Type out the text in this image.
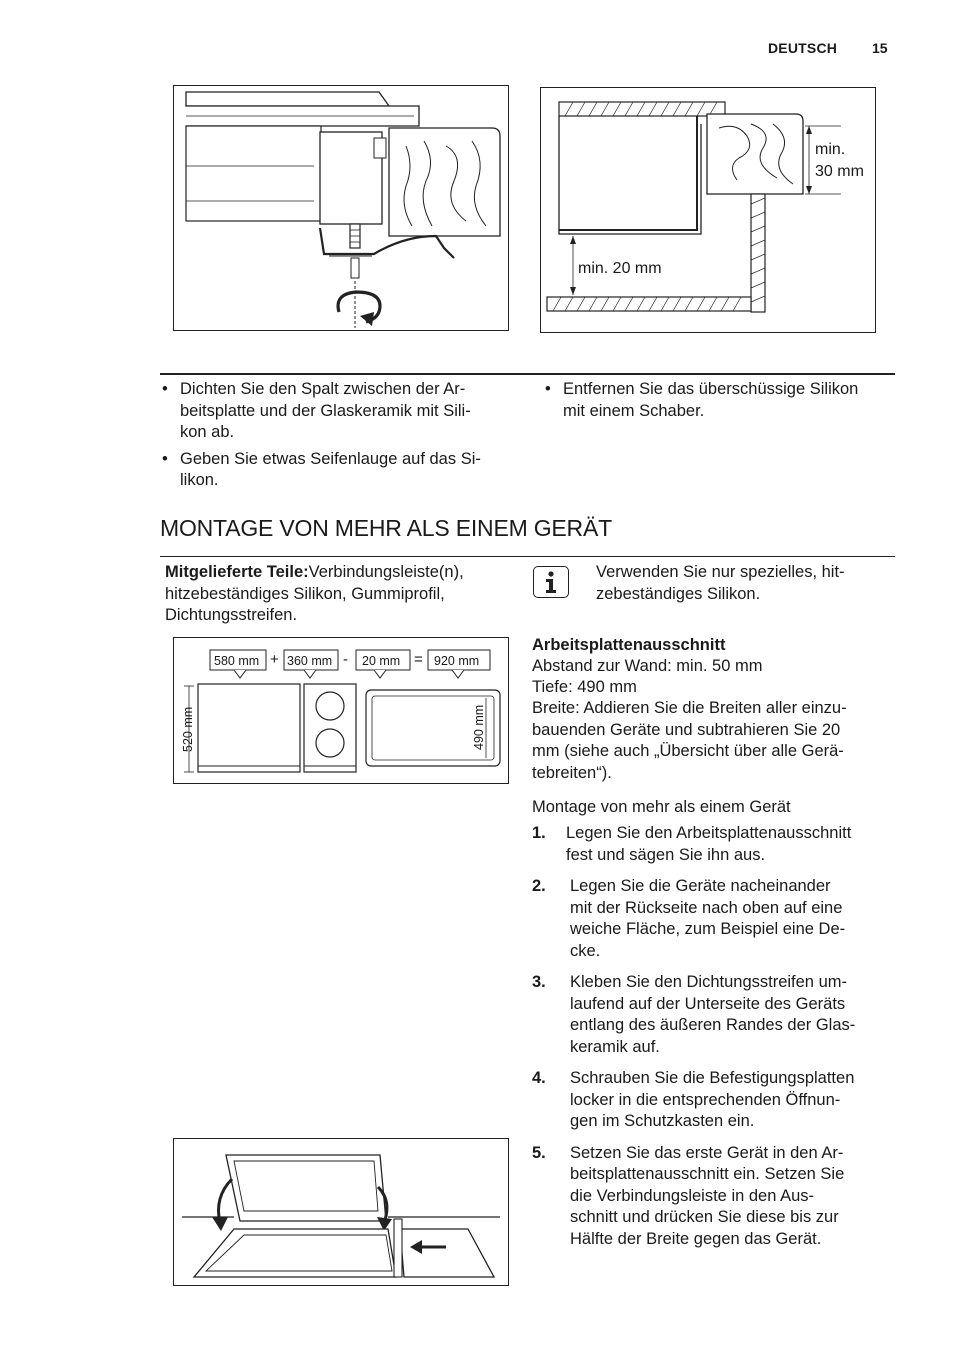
DEUTSCH 15
min.
30 mm
min. 20 mm
• Dichten Sie den Spalt zwischen der Ar-
beitsplatte und der Glaskeramik mit Sili-
kon ab.
• Geben Sie etwas Seifenlauge auf das Si-
likon.
• Entfernen Sie das überschüssige Silikon
mit einem Schaber.
MONTAGE VON MEHR ALS EINEM GERÄT
Mitgelieferte Teile:Verbindungsleiste(n),
hitzebeständiges Silikon, Gummiprofil,
Dichtungsstreifen.
580 mm + 360 mm - 20 mm = 920 mm
520 mm	490 mm
Verwenden Sie nur spezielles, hit-
zebeständiges Silikon.
Arbeitsplattenausschnitt
Abstand zur Wand: min. 50 mm
Tiefe: 490 mm
Breite: Addieren Sie die Breiten aller einzu-
bauenden Geräte und subtrahieren Sie 20
mm (siehe auch „Übersicht über alle Gerä-
tebreiten“).
Montage von mehr als einem Gerät
1.	Legen Sie den Arbeitsplattenausschnitt
fest und sägen Sie ihn aus.
2.	Legen Sie die Geräte nacheinander
mit der Rückseite nach oben auf eine
weiche Fläche, zum Beispiel eine De-
cke.
3.	Kleben Sie den Dichtungsstreifen um-
laufend auf der Unterseite des Geräts
entlang des äußeren Randes der Glas-
keramik auf.
4.	Schrauben Sie die Befestigungsplatten
locker in die entsprechenden Öffnun-
gen im Schutzkasten ein.
5.	Setzen Sie das erste Gerät in den Ar-
beitsplattenausschnitt ein. Setzen Sie
die Verbindungsleiste in den Aus-
schnitt und drücken Sie diese bis zur
Hälfte der Breite gegen das Gerät.
